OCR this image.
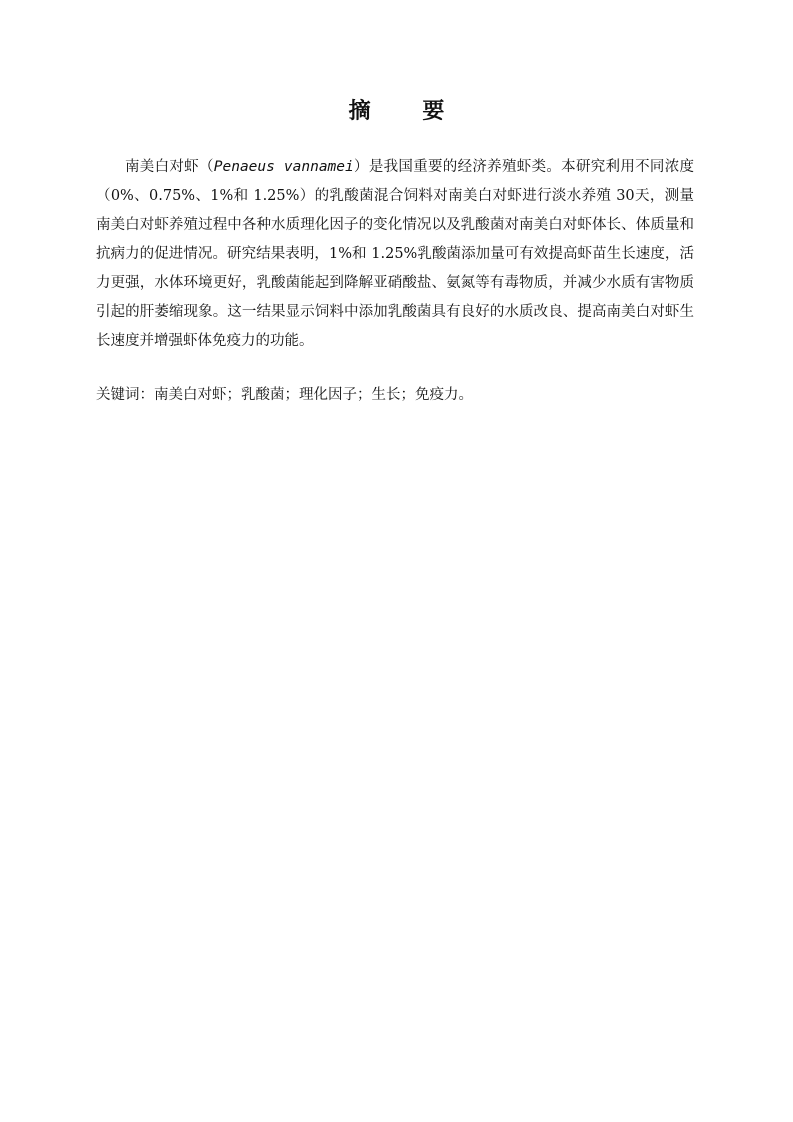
摘 要

南美白对虾（Penaeus vannamei）是我国重要的经济养殖虾类。本研究利用不同浓度（0%、0.75%、1%和 1.25%）的乳酸菌混合饲料对南美白对虾进行淡水养殖 30天，测量南美白对虾养殖过程中各种水质理化因子的变化情况以及乳酸菌对南美白对虾体长、体质量和抗病力的促进情况。研究结果表明，1%和 1.25%乳酸菌添加量可有效提高虾苗生长速度，活力更强，水体环境更好，乳酸菌能起到降解亚硝酸盐、氨氮等有毒物质，并减少水质有害物质引起的肝萎缩现象。这一结果显示饲料中添加乳酸菌具有良好的水质改良、提高南美白对虾生长速度并增强虾体免疫力的功能。

关键词：南美白对虾；乳酸菌；理化因子；生长；免疫力。
